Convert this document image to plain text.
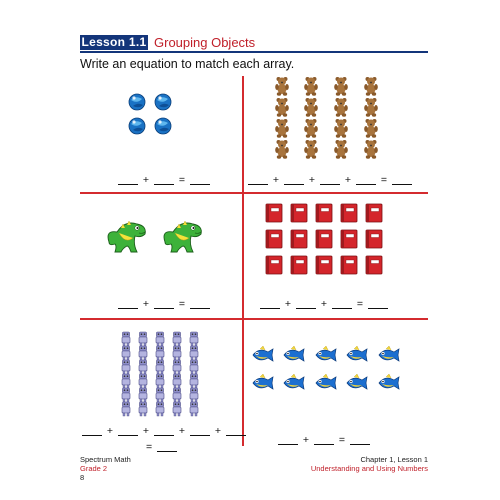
Lesson 1.1 Grouping Objects
Write an equation to match each array.
+	=	+	+	+	=
+	=	+	+	=
+	+	+	+
=
+	=
Spectrum Math
Grade 2
8
Chapter 1, Lesson 1
Understanding and Using Numbers
